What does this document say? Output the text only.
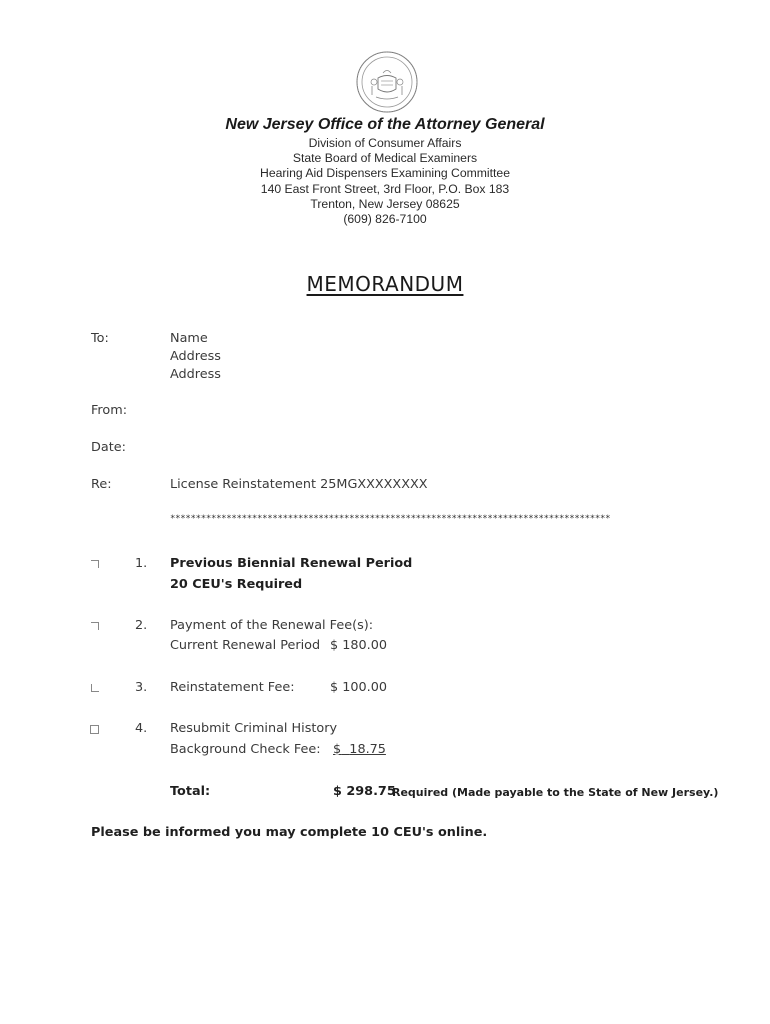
New Jersey Office of the Attorney General
Division of Consumer Affairs
State Board of Medical Examiners
Hearing Aid Dispensers Examining Committee
140 East Front Street, 3rd Floor, P.O. Box 183
Trenton, New Jersey 08625
(609) 826-7100
MEMORANDUM
To:	Name
Address
Address
From:
Date:
Re:	License Reinstatement 25MGXXXXXXXX
**************************************************************************************
1. Previous Biennial Renewal Period
20 CEU's Required
2. Payment of the Renewal Fee(s):
Current Renewal Period $ 180.00
3. Reinstatement Fee:	$ 100.00
4. Resubmit Criminal History
Background Check Fee: $ 18.75
Total:	$ 298.75
Required (Made payable to the State of New Jersey.)
Please be informed you may complete 10 CEU's online.
